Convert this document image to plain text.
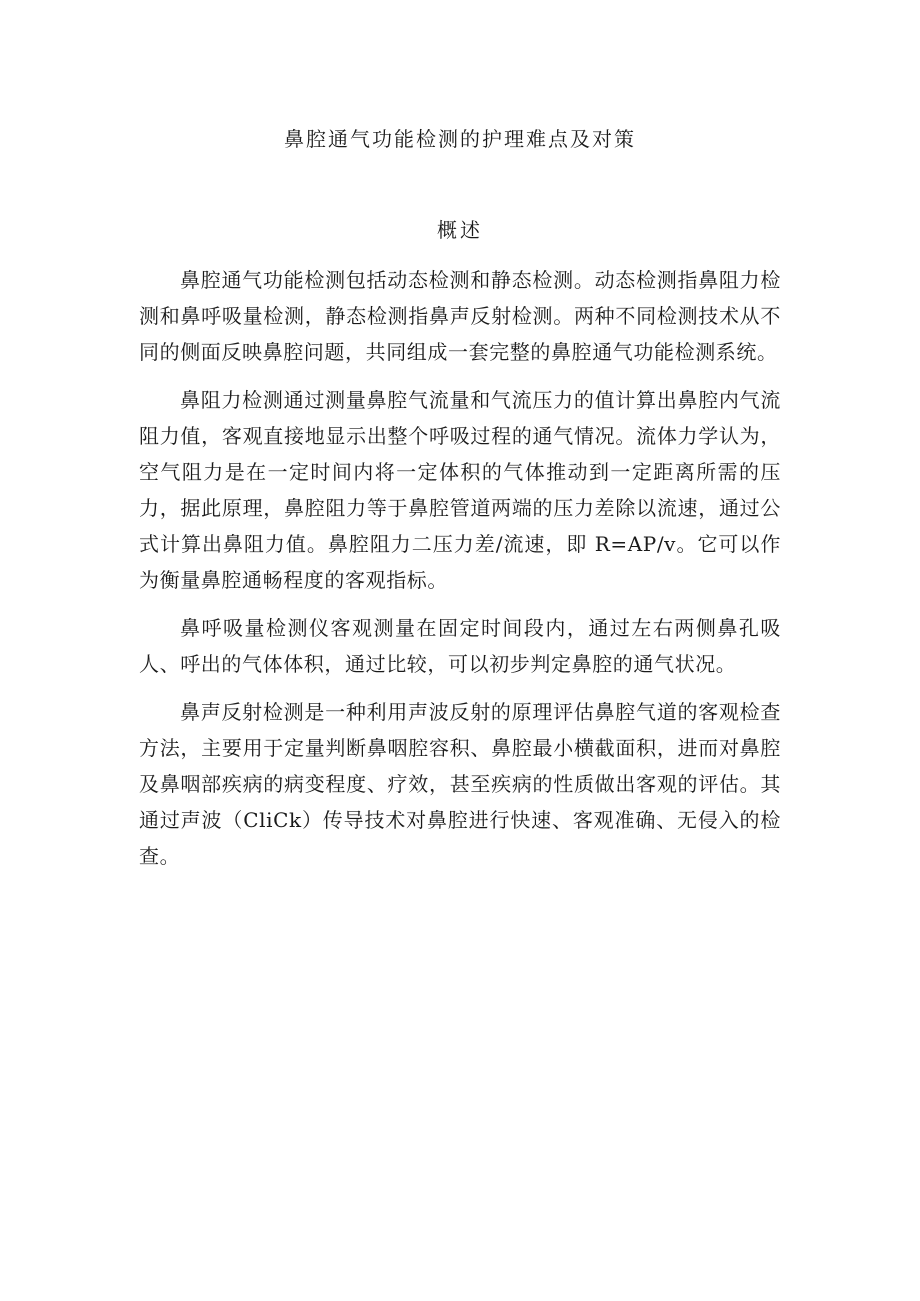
鼻腔通气功能检测的护理难点及对策
概述

鼻腔通气功能检测包括动态检测和静态检测。动态检测指鼻阻力检测和鼻呼吸量检测，静态检测指鼻声反射检测。两种不同检测技术从不同的侧面反映鼻腔问题，共同组成一套完整的鼻腔通气功能检测系统。

鼻阻力检测通过测量鼻腔气流量和气流压力的值计算出鼻腔内气流阻力值，客观直接地显示出整个呼吸过程的通气情况。流体力学认为，空气阻力是在一定时间内将一定体积的气体推动到一定距离所需的压力，据此原理，鼻腔阻力等于鼻腔管道两端的压力差除以流速，通过公式计算出鼻阻力值。鼻腔阻力二压力差/流速，即 R=AP/v。它可以作为衡量鼻腔通畅程度的客观指标。

鼻呼吸量检测仪客观测量在固定时间段内，通过左右两侧鼻孔吸人、呼出的气体体积，通过比较，可以初步判定鼻腔的通气状况。

鼻声反射检测是一种利用声波反射的原理评估鼻腔气道的客观检查方法，主要用于定量判断鼻咽腔容积、鼻腔最小横截面积，进而对鼻腔及鼻咽部疾病的病变程度、疗效，甚至疾病的性质做出客观的评估。其通过声波（CliCk）传导技术对鼻腔进行快速、客观准确、无侵入的检查。
